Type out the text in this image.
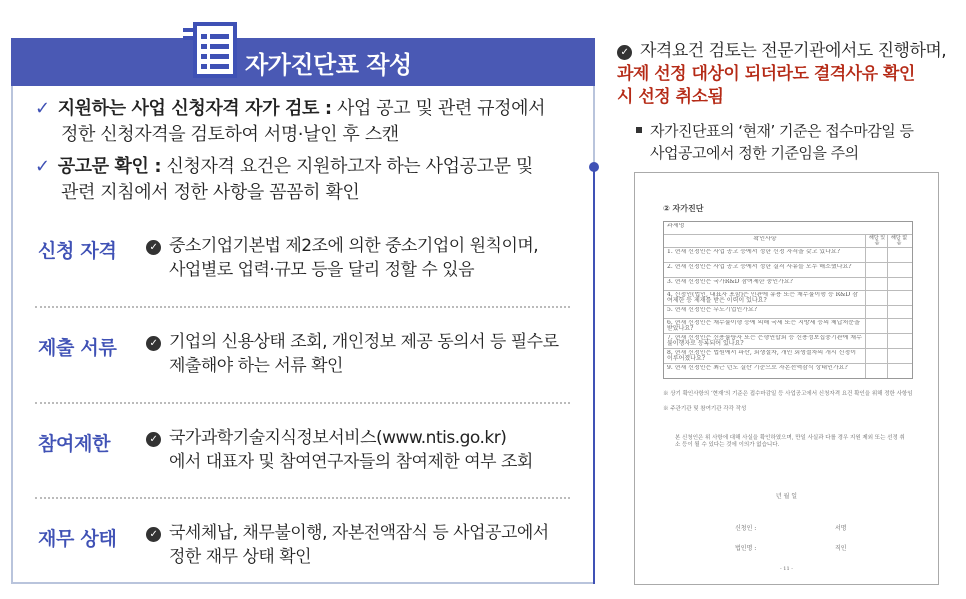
자가진단표 작성
✓ 지원하는 사업 신청자격 자가 검토 : 사업 공고 및 관련 규정에서
정한 신청자격을 검토하여 서명·날인 후 스캔
✓ 공고문 확인 : 신청자격 요건은 지원하고자 하는 사업공고문 및
관련 지침에서 정한 사항을 꼼꼼히 확인
신청 자격	✓ 중소기업기본법 제2조에 의한 중소기업이 원칙이며,
사업별로 업력·규모 등을 달리 정할 수 있음
제출 서류	✓ 기업의 신용상태 조회, 개인정보 제공 동의서 등 필수로
제출해야 하는 서류 확인
참여제한	✓ 국가과학기술지식정보서비스(www.ntis.go.kr)
에서 대표자 및 참여연구자들의 참여제한 여부 조회
재무 상태	✓ 국세체납, 채무불이행, 자본전액잠식 등 사업공고에서
정한 재무 상태 확인
✓ 자격요건 검토는 전문기관에서도 진행하며,
과제 선정 대상이 되더라도 결격사유 확인
시 선정 취소됨
자가진단표의 ‘현재’ 기준은 접수마감일 등
사업공고에서 정한 기준임을 주의
② 자가진단
과제명
확인사항	해당 있음
해당 없음
1. 현재 신청인은 사업 공고 등에서 정한 신청 자격을 갖고 있나요?
2. 현재 신청인은 사업 공고 등에서 정한 결격 사유를 모두 해소했나요?
3. 현재 신청인은 국가R&D 참여제한 중인가요?
4. 신청인(법인, 대표자 포함)은 민관에 유용 또는 채무불이행 등 R&D 참여제한 등 제재를 받은 이력이 있나요?
5. 현재 신청인은 부도기업인가요?
6. 현재 신청인은 채무불이행 등에 의해 국세 또는 지방세 등의 체납처분을 받았나요?
7. 현재 신청인은 신용불량자 또는 은행연합회 등 신용정보집중기관에 채무불이행자로 등록되어 있나요?
8. 현재 신청인은 법원에서 파산, 회생절차, 개인 회생절차의 개시 신청이 이루어졌나요?
9. 현재 신청인은 최근 년도 결산 기준으로 자본전액잠식 상태인가요?
※ 상기 확인사항의 ‘현재’의 기준은 접수마감일 등 사업공고에서 신청자격 요건 확인을 위해 정한 사항임
※ 주관기관 및 참여기관 각각 작성
본 신청인은 위 사항에 대해 사실을 확인하였으며, 만일 사실과 다를 경우 지원 제외 또는 선정 취소 등이 될 수 있다는 것에 이의가 없습니다.
년 월 일
신청인 :	서명
법인명 :	직인
- 11 -
